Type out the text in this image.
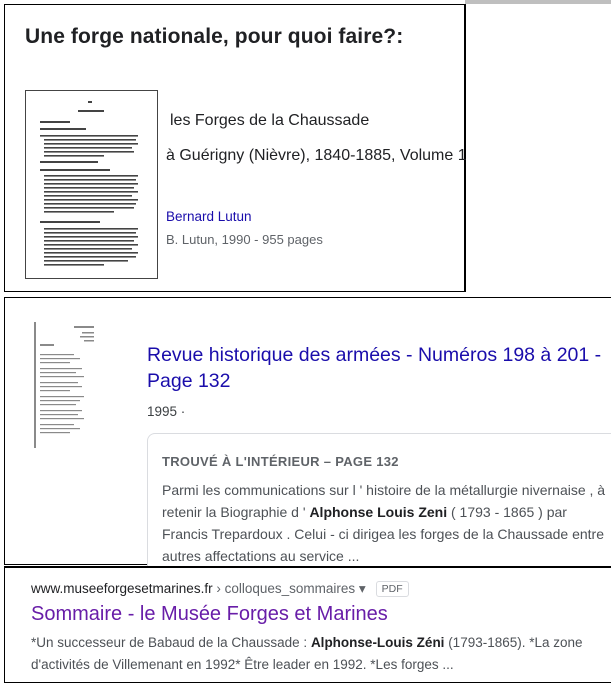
Une forge nationale, pour quoi faire?:
les Forges de la Chaussade
à Guérigny (Nièvre), 1840-1885, Volume 1
Bernard Lutun
B. Lutun, 1990 - 955 pages
Revue historique des armées - Numéros 198 à 201 - Page 132
1995 ·
TROUVÉ À L'INTÉRIEUR – PAGE 132
Parmi les communications sur l ' histoire de la métallurgie nivernaise , à retenir la Biographie d ' Alphonse Louis Zeni ( 1793 - 1865 ) par Francis Trepardoux . Celui - ci dirigea les forges de la Chaussade entre autres affectations au service ...
www.museeforgesetmarines.fr › colloques_sommaires ▾ PDF
Sommaire - le Musée Forges et Marines
*Un successeur de Babaud de la Chaussade : Alphonse-Louis Zéni (1793-1865). *La zone d'activités de Villemenant en 1992* Être leader en 1992. *Les forges ...
